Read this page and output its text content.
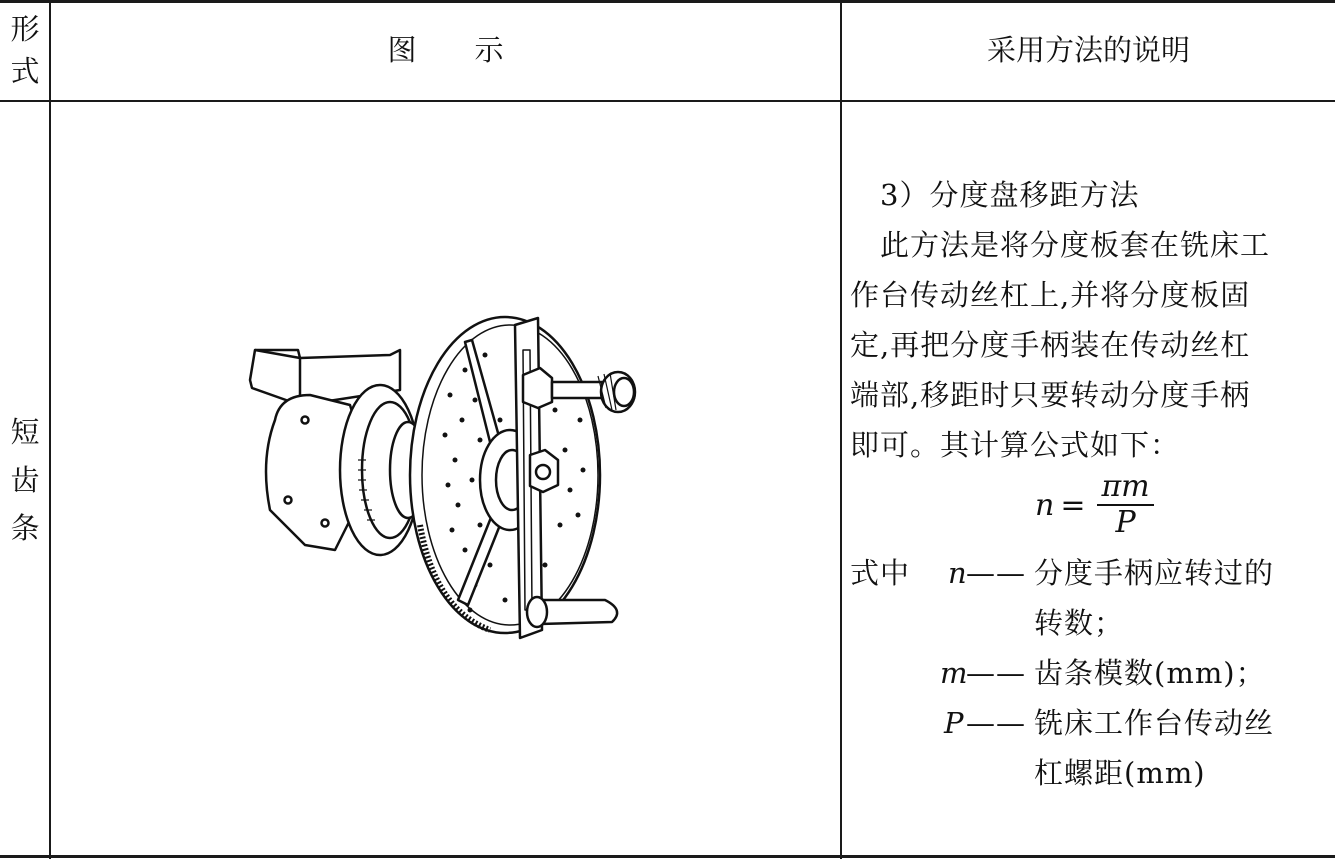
形
式
图　　示	采用方法的说明
短
齿
条

3）分度盘移距方法

此方法是将分度板套在铣床工

作台传动丝杠上,并将分度板固

定,再把分度手柄装在传动丝杠

端部,移距时只要转动分度手柄

即可。其计算公式如下：

$n = \frac{\pi m}{P}$
式中 n
—— 分度手柄应转过的
转数；
m
—— 齿条模数(mm)；
P —— 铣床工作台传动丝
杠螺距(mm)
